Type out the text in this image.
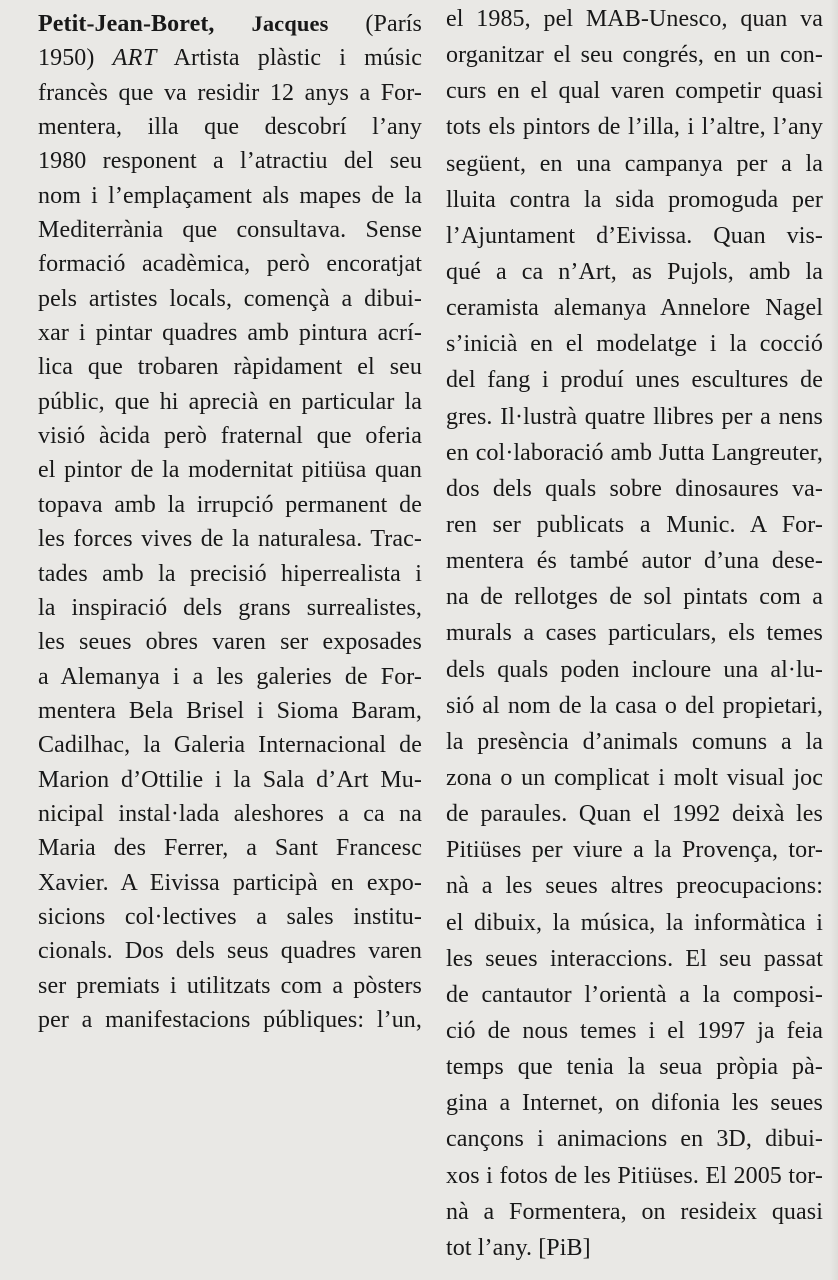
Petit-Jean-Boret, Jacques (París
1950) ART Artista plàstic i músic
francès que va residir 12 anys a For-
mentera, illa que descobrí l’any
1980 responent a l’atractiu del seu
nom i l’emplaçament als mapes de la
Mediterrània que consultava. Sense
formació acadèmica, però encoratjat
pels artistes locals, començà a dibui-
xar i pintar quadres amb pintura acrí-
lica que trobaren ràpidament el seu
públic, que hi aprecià en particular la
visió àcida però fraternal que oferia
el pintor de la modernitat pitiüsa quan
topava amb la irrupció permanent de
les forces vives de la naturalesa. Trac-
tades amb la precisió hiperrealista i
la inspiració dels grans surrealistes,
les seues obres varen ser exposades
a Alemanya i a les galeries de For-
mentera Bela Brisel i Sioma Baram,
Cadilhac, la Galeria Internacional de
Marion d’Ottilie i la Sala d’Art Mu-
nicipal instal·lada aleshores a ca na
Maria des Ferrer, a Sant Francesc
Xavier. A Eivissa participà en expo-
sicions col·lectives a sales institu-
cionals. Dos dels seus quadres varen
ser premiats i utilitzats com a pòsters
per a manifestacions públiques: l’un,
el 1985, pel MAB-Unesco, quan va
organitzar el seu congrés, en un con-
curs en el qual varen competir quasi
tots els pintors de l’illa, i l’altre, l’any
següent, en una campanya per a la
lluita contra la sida promoguda per
l’Ajuntament d’Eivissa. Quan vis-
qué a ca n’Art, as Pujols, amb la
ceramista alemanya Annelore Nagel
s’inicià en el modelatge i la cocció
del fang i produí unes escultures de
gres. Il·lustrà quatre llibres per a nens
en col·laboració amb Jutta Langreuter,
dos dels quals sobre dinosaures va-
ren ser publicats a Munic. A For-
mentera és també autor d’una dese-
na de rellotges de sol pintats com a
murals a cases particulars, els temes
dels quals poden incloure una al·lu-
sió al nom de la casa o del propietari,
la presència d’animals comuns a la
zona o un complicat i molt visual joc
de paraules. Quan el 1992 deixà les
Pitiüses per viure a la Provença, tor-
nà a les seues altres preocupacions:
el dibuix, la música, la informàtica i
les seues interaccions. El seu passat
de cantautor l’orientà a la composi-
ció de nous temes i el 1997 ja feia
temps que tenia la seua pròpia pà-
gina a Internet, on difonia les seues
cançons i animacions en 3D, dibui-
xos i fotos de les Pitiüses. El 2005 tor-
nà a Formentera, on resideix quasi
tot l’any. [PiB]
